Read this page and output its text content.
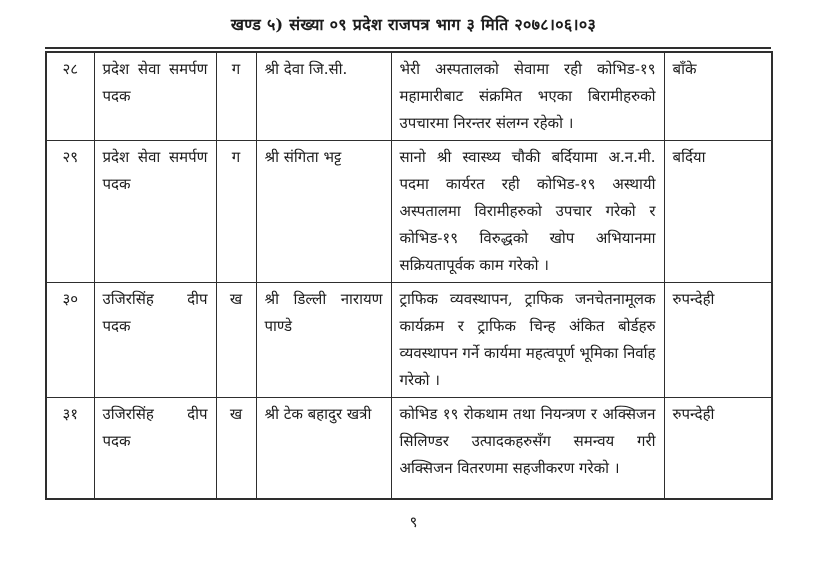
खण्ड ५) संख्या ०९ प्रदेश राजपत्र भाग ३ मिति २०७८।०६।०३
२८	प्रदेश सेवा समर्पण पदक	ग	श्री देवा जि.सी.	भेरी अस्पतालको सेवामा रही कोभिड-१९ महामारीबाट संक्रमित भएका बिरामीहरुको उपचारमा निरन्तर संलग्न रहेको ।	बाँके
२९	प्रदेश सेवा समर्पण पदक	ग	श्री संगिता भट्ट	सानो श्री स्वास्थ्य चौकी बर्दियामा अ.न.मी. पदमा कार्यरत रही कोभिड-१९ अस्थायी अस्पतालमा विरामीहरुको उपचार गरेको र कोभिड-१९ विरुद्धको खोप अभियानमा सक्रियतापूर्वक काम गरेको ।	बर्दिया
३०	उजिरसिंह दीप पदक	ख	श्री डिल्ली नारायण पाण्डे	ट्राफिक व्यवस्थापन, ट्राफिक जनचेतनामूलक कार्यक्रम र ट्राफिक चिन्ह अंकित बोर्डहरु व्यवस्थापन गर्ने कार्यमा महत्वपूर्ण भूमिका निर्वाह गरेको ।	रुपन्देही
३१	उजिरसिंह दीप पदक	ख	श्री टेक बहादुर खत्री	कोभिड १९ रोकथाम तथा नियन्त्रण र अक्सिजन सिलिण्डर उत्पादकहरुसँग समन्वय गरी अक्सिजन वितरणमा सहजीकरण गरेको ।	रुपन्देही
९
